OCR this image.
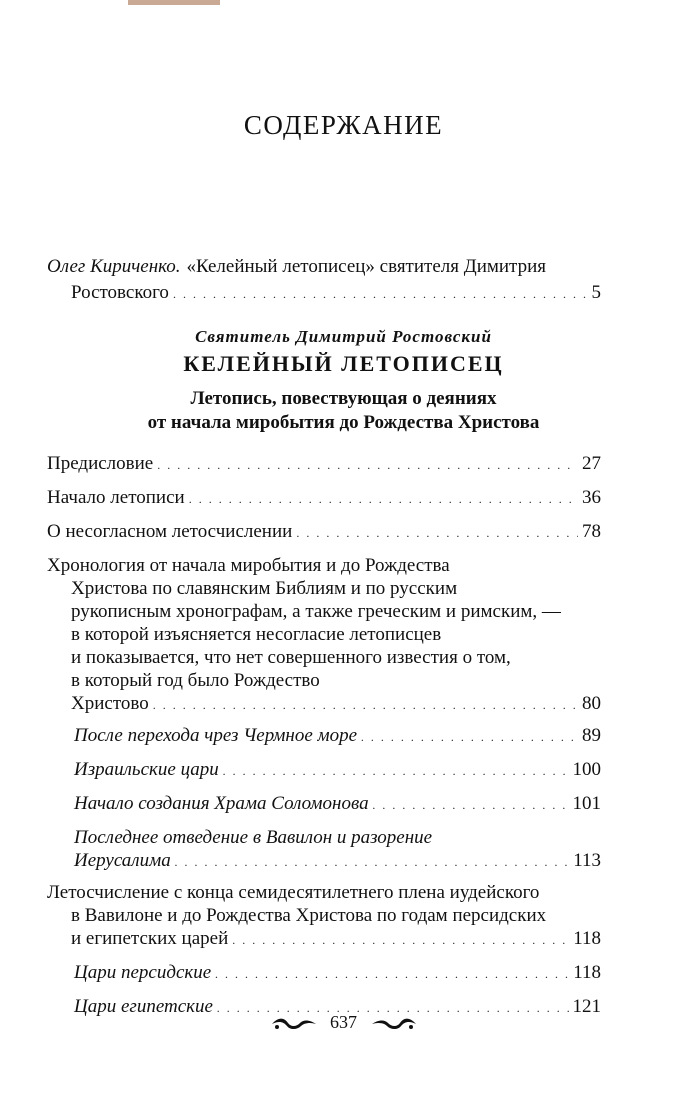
СОДЕРЖАНИЕ
Олег Кириченко. «Келейный летописец» святителя Димитрия
Ростовского . . .	5
Святитель Димитрий Ростовский
КЕЛЕЙНЫЙ ЛЕТОПИСЕЦ
Летопись, повествующая о деяниях
от начала миробытия до Рождества Христова
Предисловие . . .	27
Начало летописи . . .	36
О несогласном летосчислении . . .	78
Хронология от начала миробытия и до Рождества
Христова по славянским Библиям и по русским
рукописным хронографам, а также греческим и римским, —
в которой изъясняется несогласие летописцев
и показывается, что нет совершенного известия о том,
в который год было Рождество
Христово . . .	80
После перехода чрез Чермное море . . .	89
Израильские цари . . .	100
Начало создания Храма Соломонова . . .	101
Последнее отведение в Вавилон и разорение
Иерусалима . . .	113
Летосчисление с конца семидесятилетнего плена иудейского
в Вавилоне и до Рождества Христова по годам персидских
и египетских царей . . .	118
Цари персидские . . .	118
Цари египетские . . .	121
637
